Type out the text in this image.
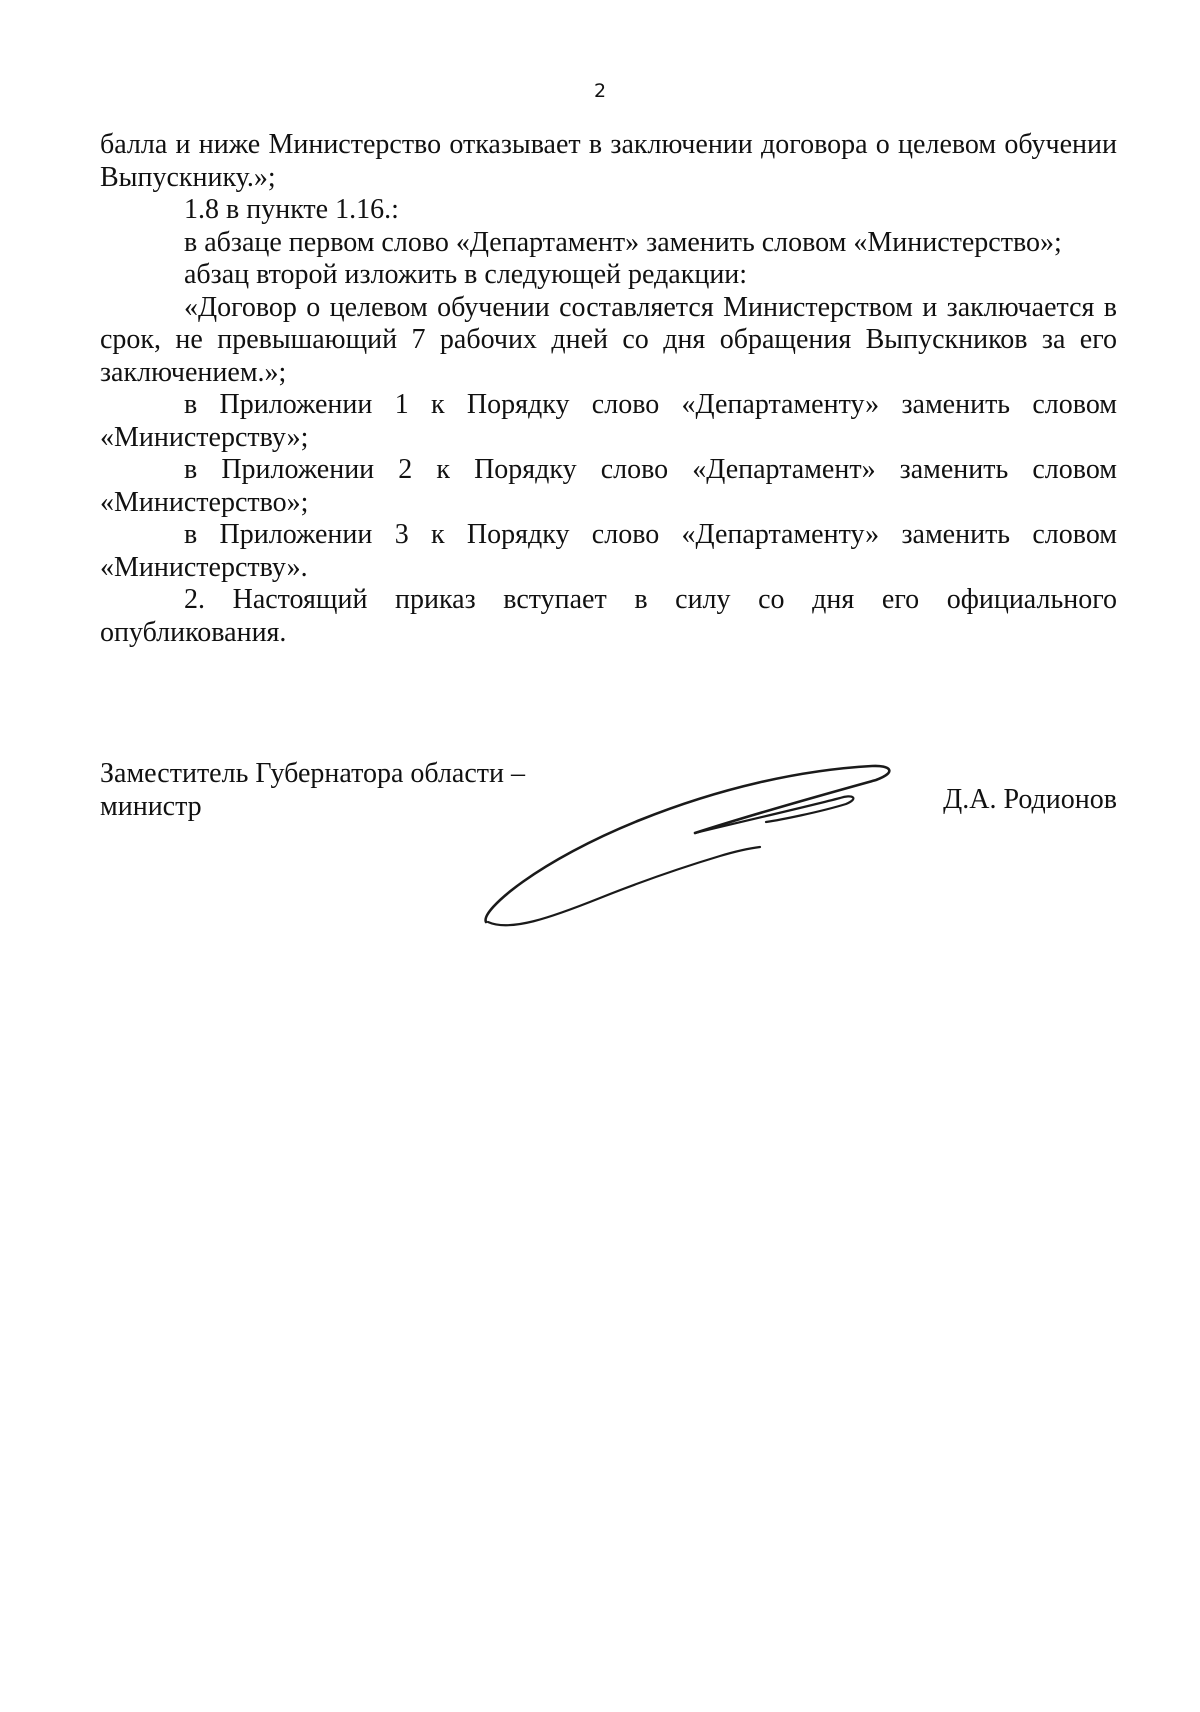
2

балла и ниже Министерство отказывает в заключении договора о целевом обучении Выпускнику.»;

1.8 в пункте 1.16.:

в абзаце первом слово «Департамент» заменить словом «Министерство»;

абзац второй изложить в следующей редакции:

«Договор о целевом обучении составляется Министерством и заключается в срок, не превышающий 7 рабочих дней со дня обращения Выпускников за его заключением.»;

в Приложении 1 к Порядку слово «Департаменту» заменить словом «Министерству»;

в Приложении 2 к Порядку слово «Департамент» заменить словом «Министерство»;

в Приложении 3 к Порядку слово «Департаменту» заменить словом «Министерству».

2. Настоящий приказ вступает в силу со дня его официального опубликования.

Заместитель Губернатора области –
министр	Д.А. Родионов
